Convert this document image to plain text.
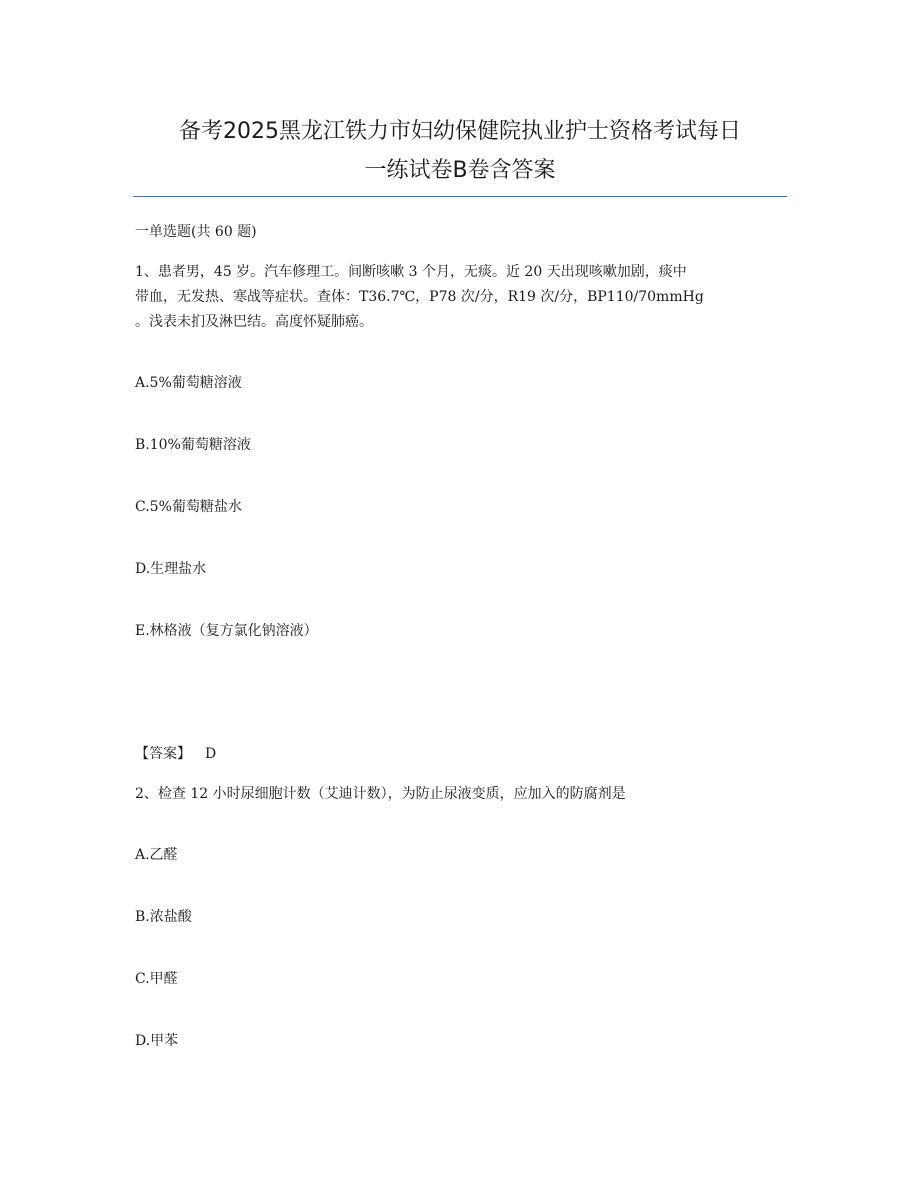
备考2025黑龙江铁力市妇幼保健院执业护士资格考试每日
一练试卷B卷含答案
一单选题(共 60 题)
1、患者男，45 岁。汽车修理工。间断咳嗽 3 个月，无痰。近 20 天出现咳嗽加剧，痰中
带血，无发热、寒战等症状。查体：T36.7℃，P78 次/分，R19 次/分，BP110/70mmHg
。浅表未扪及淋巴结。高度怀疑肺癌。
A.5%葡萄糖溶液
B.10%葡萄糖溶液
C.5%葡萄糖盐水
D.生理盐水
E.林格液（复方氯化钠溶液）
【答案】 D
2、检查 12 小时尿细胞计数（艾迪计数），为防止尿液变质，应加入的防腐剂是
A.乙醛
B.浓盐酸
C.甲醛
D.甲苯
